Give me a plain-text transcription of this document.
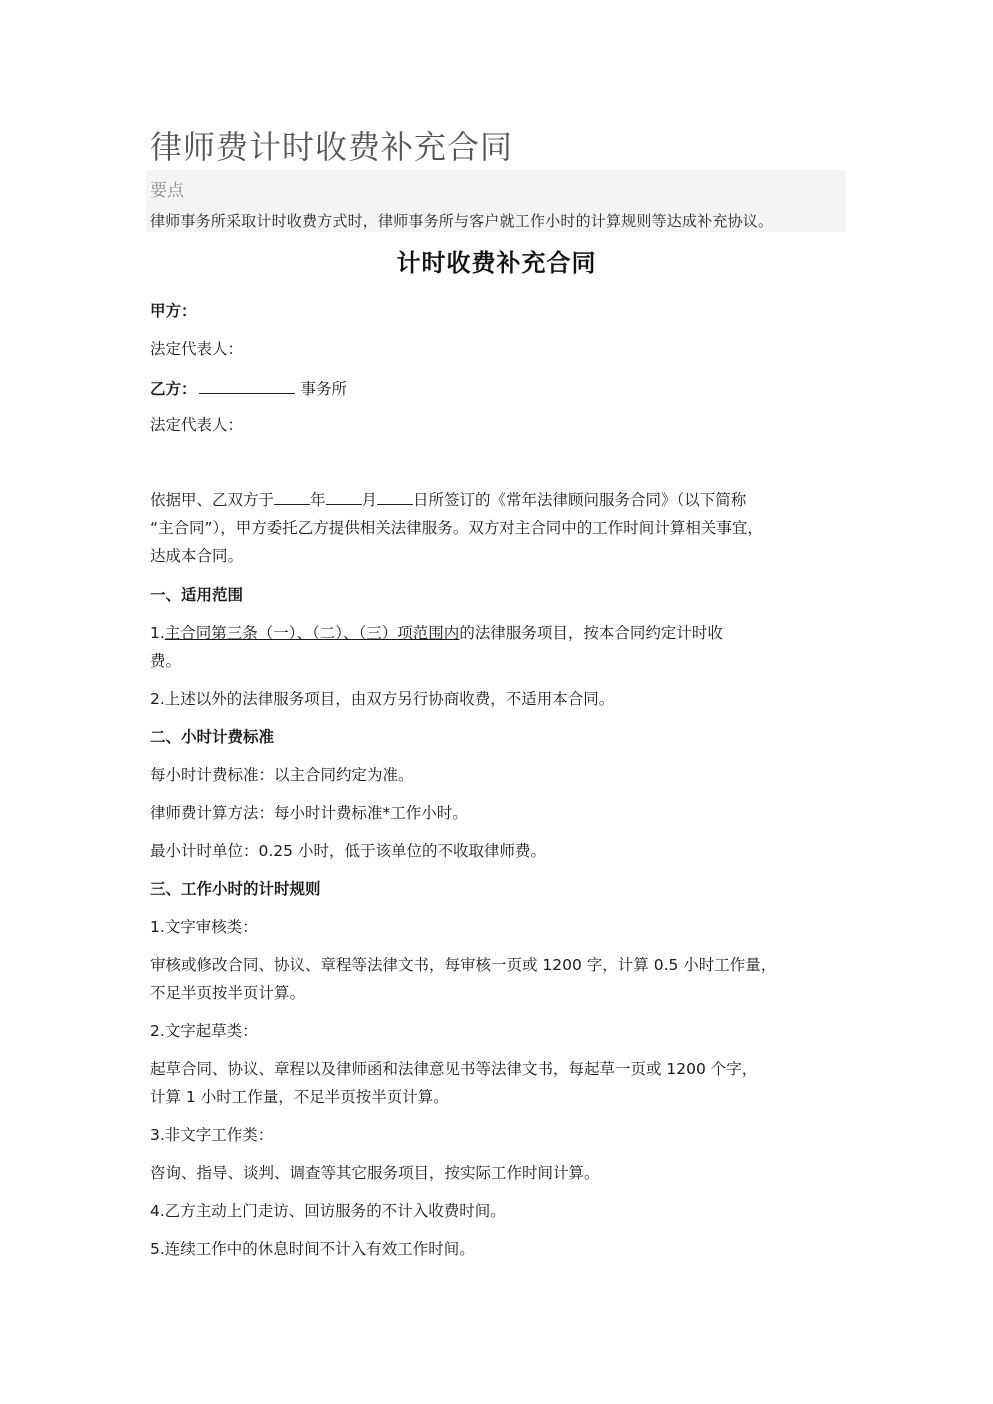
律师费计时收费补充合同
要点
律师事务所采取计时收费方式时，律师事务所与客户就工作小时的计算规则等达成补充协议。
计时收费补充合同
甲方：
法定代表人：
乙方：	事务所
法定代表人：
依据甲、乙双方于 年 月 日所签订的《常年法律顾问服务合同》（以下简称
“主合同”），甲方委托乙方提供相关法律服务。双方对主合同中的工作时间计算相关事宜，
达成本合同。
一、适用范围
1.主合同第三条（一）、（二）、（三）项范围内的法律服务项目，按本合同约定计时收
费。
2.上述以外的法律服务项目，由双方另行协商收费，不适用本合同。
二、小时计费标准
每小时计费标准：以主合同约定为准。
律师费计算方法：每小时计费标准*工作小时。
最小计时单位：0.25 小时，低于该单位的不收取律师费。
三、工作小时的计时规则
1.文字审核类：
审核或修改合同、协议、章程等法律文书，每审核一页或 1200 字，计算 0.5 小时工作量，
不足半页按半页计算。
2.文字起草类：
起草合同、协议、章程以及律师函和法律意见书等法律文书，每起草一页或 1200 个字，
计算 1 小时工作量，不足半页按半页计算。
3.非文字工作类：
咨询、指导、谈判、调查等其它服务项目，按实际工作时间计算。
4.乙方主动上门走访、回访服务的不计入收费时间。
5.连续工作中的休息时间不计入有效工作时间。
